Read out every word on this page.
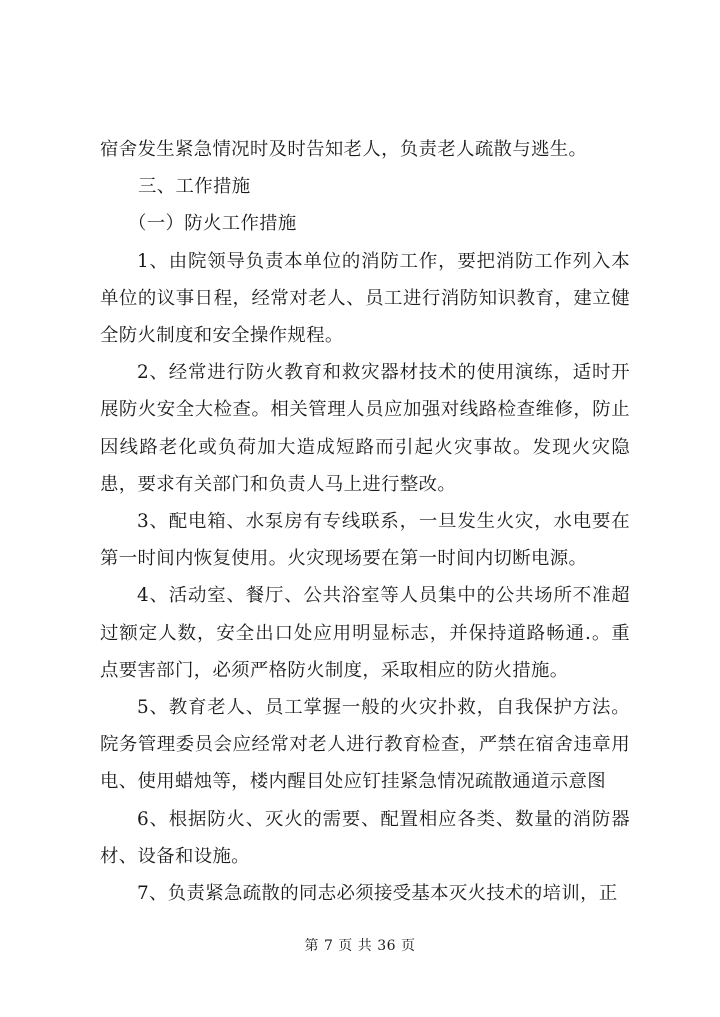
宿舍发生紧急情况时及时告知老人，负责老人疏散与逃生。

三、工作措施

（一）防火工作措施

1、由院领导负责本单位的消防工作，要把消防工作列入本单位的议事日程，经常对老人、员工进行消防知识教育，建立健全防火制度和安全操作规程。

2、经常进行防火教育和救灾器材技术的使用演练，适时开展防火安全大检查。相关管理人员应加强对线路检查维修，防止因线路老化或负荷加大造成短路而引起火灾事故。发现火灾隐患，要求有关部门和负责人马上进行整改。

3、配电箱、水泵房有专线联系，一旦发生火灾，水电要在第一时间内恢复使用。火灾现场要在第一时间内切断电源。

4、活动室、餐厅、公共浴室等人员集中的公共场所不准超过额定人数，安全出口处应用明显标志，并保持道路畅通.。重点要害部门，必须严格防火制度，采取相应的防火措施。

5、教育老人、员工掌握一般的火灾扑救，自我保护方法。院务管理委员会应经常对老人进行教育检查，严禁在宿舍违章用电、使用蜡烛等，楼内醒目处应钉挂紧急情况疏散通道示意图

6、根据防火、灭火的需要、配置相应各类、数量的消防器材、设备和设施。

7、负责紧急疏散的同志必须接受基本灭火技术的培训，正

第 7 页 共 36 页
